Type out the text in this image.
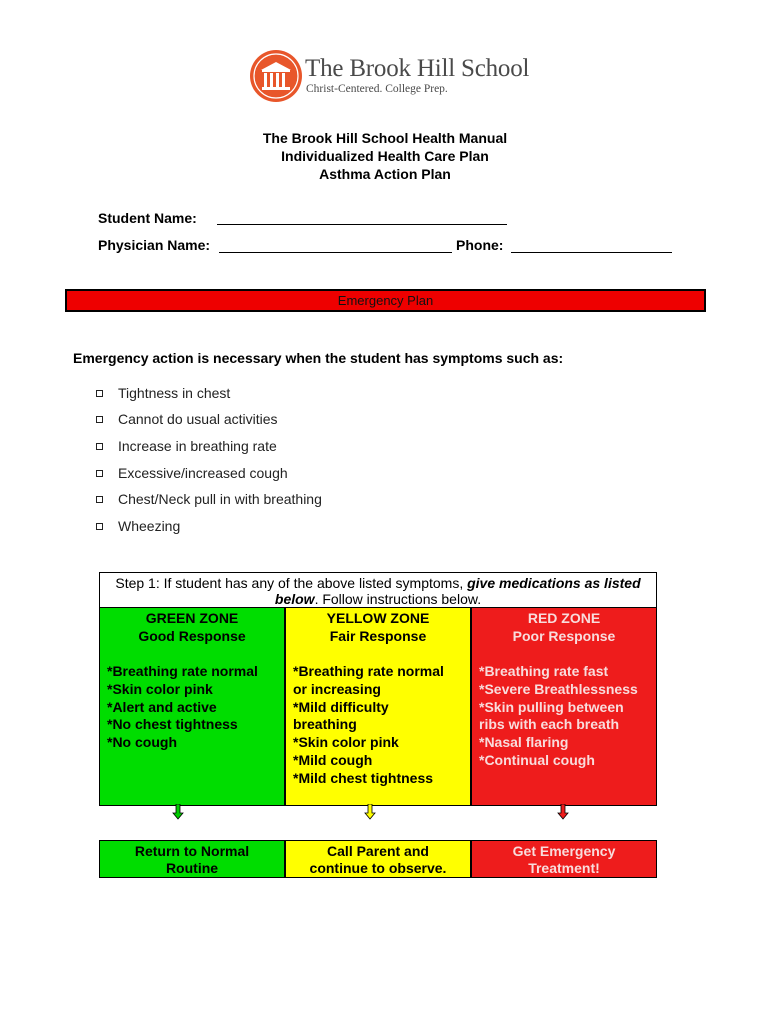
The Brook Hill School
Christ-Centered. College Prep.
The Brook Hill School Health Manual
Individualized Health Care Plan
Asthma Action Plan
Student Name:
Physician Name:	Phone:
Emergency Plan
Emergency action is necessary when the student has symptoms such as:
Tightness in chest
Cannot do usual activities
Increase in breathing rate
Excessive/increased cough
Chest/Neck pull in with breathing
Wheezing
Step 1: If student has any of the above listed symptoms, give medications as listed below. Follow instructions below.
GREEN ZONE
Good Response
*Breathing rate normal
*Skin color pink
*Alert and active
*No chest tightness
*No cough
YELLOW ZONE
Fair Response
*Breathing rate normal
or increasing
*Mild difficulty
breathing
*Skin color pink
*Mild cough
*Mild chest tightness
RED ZONE
Poor Response
*Breathing rate fast
*Severe Breathlessness
*Skin pulling between
ribs with each breath
*Nasal flaring
*Continual cough
Return to Normal
Routine
Call Parent and
continue to observe.
Get Emergency
Treatment!
